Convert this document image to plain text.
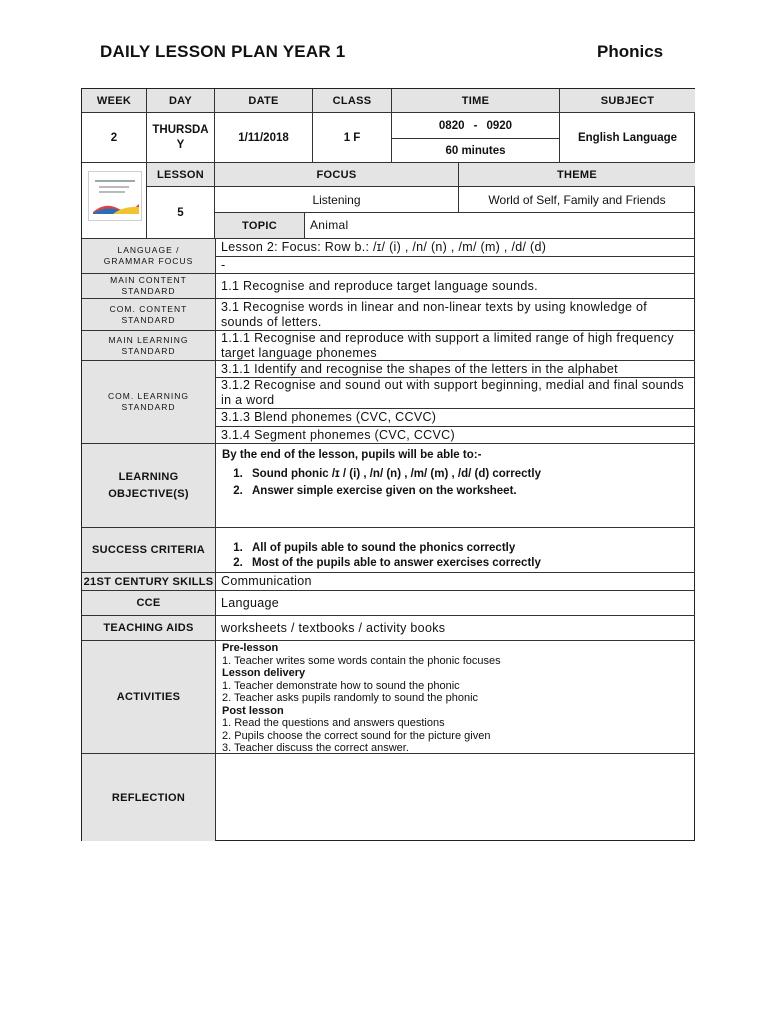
DAILY LESSON PLAN YEAR 1	Phonics
WEEK	DAY	DATE	CLASS	TIME	SUBJECT
2
THURSDA
Y
1/11/2018	1 F
0820 - 0920
60 minutes
English Language
LESSON	FOCUS	THEME
5
Listening	World of Self, Family and Friends
TOPIC	Animal
LANGUAGE / GRAMMAR FOCUS
Lesson 2: Focus: Row b.: /ɪ/ (i) , /n/ (n) , /m/ (m) , /d/ (d)
-
MAIN CONTENT STANDARD	1.1 Recognise and reproduce target language sounds.
COM. CONTENT STANDARD
3.1 Recognise words in linear and non-linear texts by using knowledge of sounds of letters.
MAIN LEARNING STANDARD
1.1.1 Recognise and reproduce with support a limited range of high frequency target language phonemes
COM. LEARNING STANDARD
3.1.1 Identify and recognise the shapes of the letters in the alphabet
3.1.2 Recognise and sound out with support beginning, medial and final sounds in a word
3.1.3 Blend phonemes (CVC, CCVC)
3.1.4 Segment phonemes (CVC, CCVC)
LEARNING OBJECTIVE(S)
By the end of the lesson, pupils will be able to:-
1. Sound phonic /ɪ / (i) , /n/ (n) , /m/ (m) , /d/ (d) correctly
2. Answer simple exercise given on the worksheet.
SUCCESS CRITERIA
1.	All of pupils able to sound the phonics correctly
2. Most of the pupils able to answer exercises correctly
21ST CENTURY SKILLS Communication
CCE	Language
TEACHING AIDS	worksheets / textbooks / activity books
ACTIVITIES
Pre-lesson
1. Teacher writes some words contain the phonic focuses
Lesson delivery
1. Teacher demonstrate how to sound the phonic
2. Teacher asks pupils randomly to sound the phonic
Post lesson
1. Read the questions and answers questions
2. Pupils choose the correct sound for the picture given
3. Teacher discuss the correct answer.
REFLECTION
